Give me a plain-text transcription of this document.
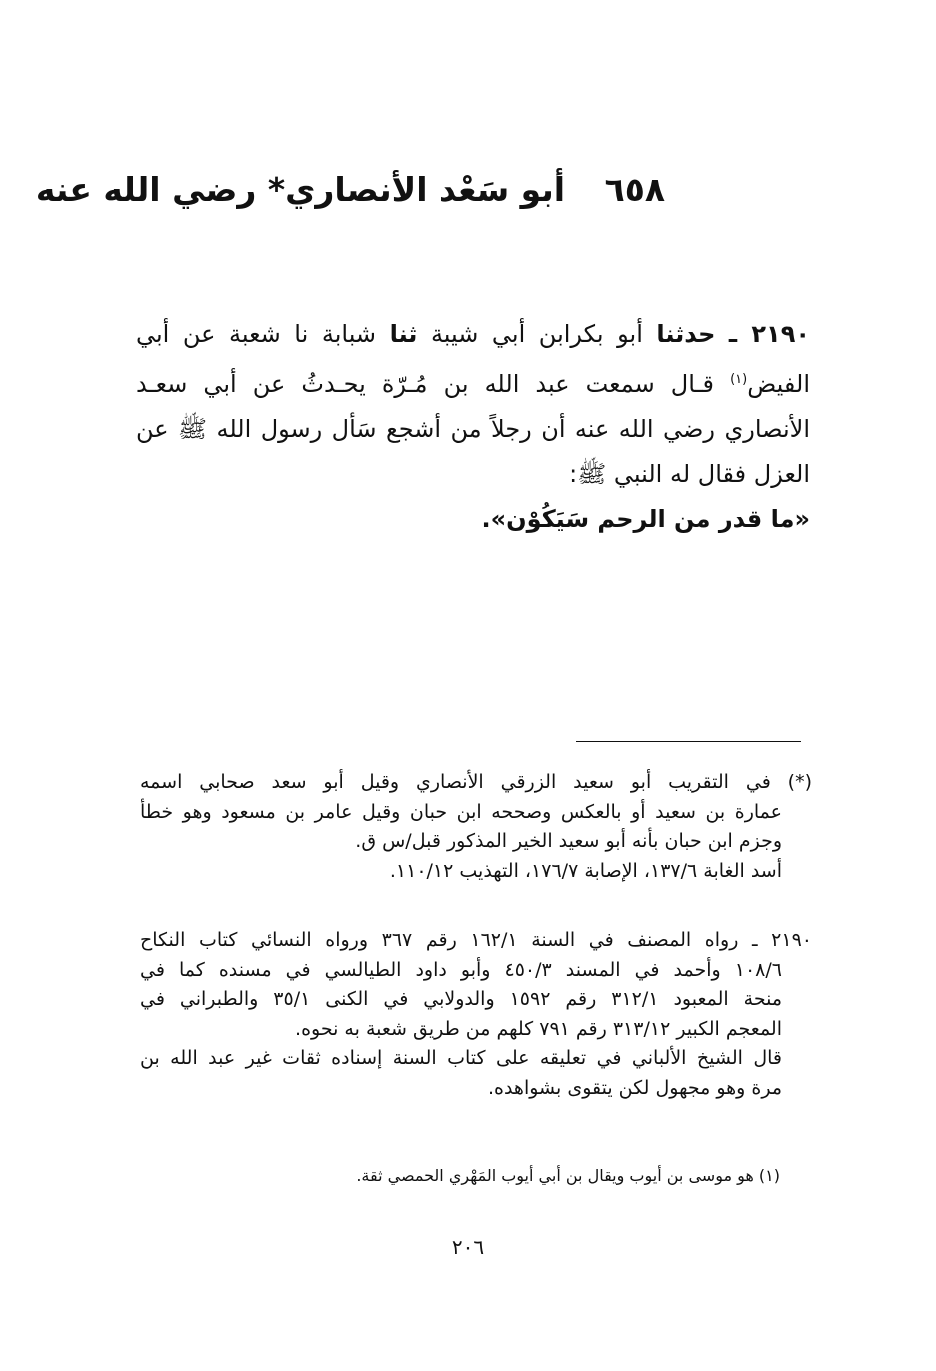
٦٥٨ أبو سَعْد الأنصاري* رضي الله عنه
٢١٩٠ ـ حدثنا أبو بكرابن أبي شيبة ثنا شبابة نا شعبة عن أبي
الفيض$^{(١)}$ قـال سمعت عبد الله بن مُـرّة يحـدثُ عن أبي سعـد
الأنصاري رضي الله عنه أن رجلاً من أشجع سَأل رسول الله ﷺ عن
العزل فقال له النبي ﷺ:
«ما قدر من الرحم سَيَكُوْن».
(*) في التقريب أبو سعيد الزرقي الأنصاري وقيل أبو سعد صحابي اسمه
عمارة بن سعيد أو بالعكس وصححه ابن حبان وقيل عامر بن مسعود وهو خطأ
وجزم ابن حبان بأنه أبو سعيد الخير المذكور قبل/س ق.
أسد الغابة ١٣٧/٦، الإصابة ١٧٦/٧، التهذيب ١١٠/١٢.
٢١٩٠ ـ رواه المصنف في السنة ١٦٢/١ رقم ٣٦٧ ورواه النسائي كتاب النكاح
١٠٨/٦ وأحمد في المسند ٤٥٠/٣ وأبو داود الطيالسي في مسنده كما في
منحة المعبود ٣١٢/١ رقم ١٥٩٢ والدولابي في الكنى ٣٥/١ والطبراني في
المعجم الكبير ٣١٣/١٢ رقم ٧٩١ كلهم من طريق شعبة به نحوه.
قال الشيخ الألباني في تعليقه على كتاب السنة إسناده ثقات غير عبد الله بن
مرة وهو مجهول لكن يتقوى بشواهده.
(١) هو موسى بن أيوب ويقال بن أبي أيوب المَهْري الحمصي ثقة.
٢٠٦
